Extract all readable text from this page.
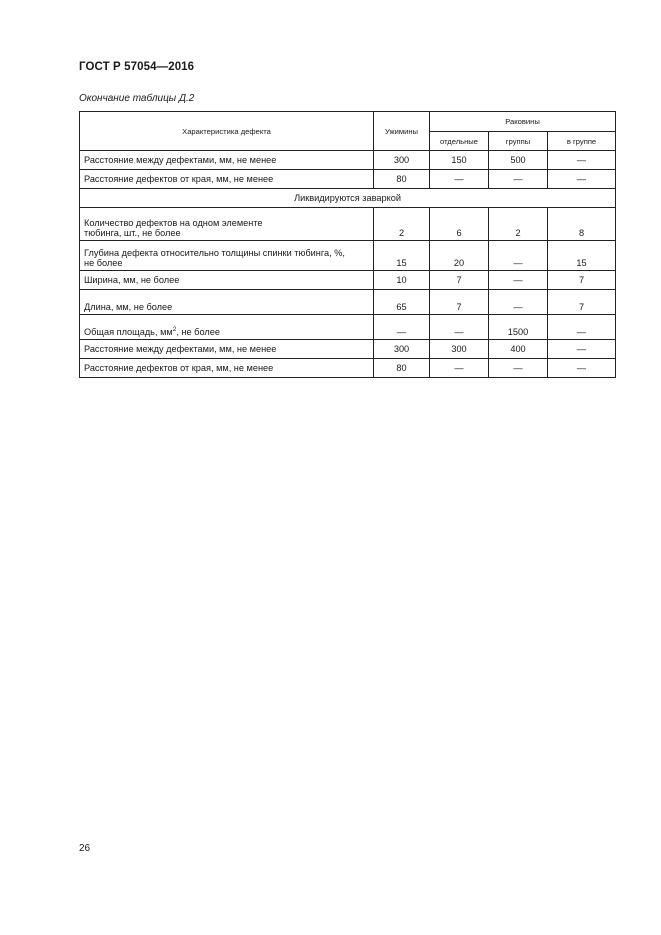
ГОСТ Р 57054—2016
Окончание таблицы Д.2
Характеристика дефекта	Ужимины	Раковины		
		отдельные	группы	в группе
Расстояние между дефектами, мм, не менее	300	150	500	—
Расстояние дефектов от края, мм, не менее	80	—	—	—
Ликвидируются заваркой				

Количество дефектов на одном элементе
тюбинга, шт., не более	2	6	2	8

Глубина дефекта относительно толщины спинки тюбинга, %,
не более	15	20	—	15
Ширина, мм, не более	10	7	—	7
Длина, мм, не более	65	7	—	7
Общая площадь, $мм^2$, не более	—	—	1500	—
Расстояние между дефектами, мм, не менее	300	300	400	—
Расстояние дефектов от края, мм, не менее	80	—	—	—
26
